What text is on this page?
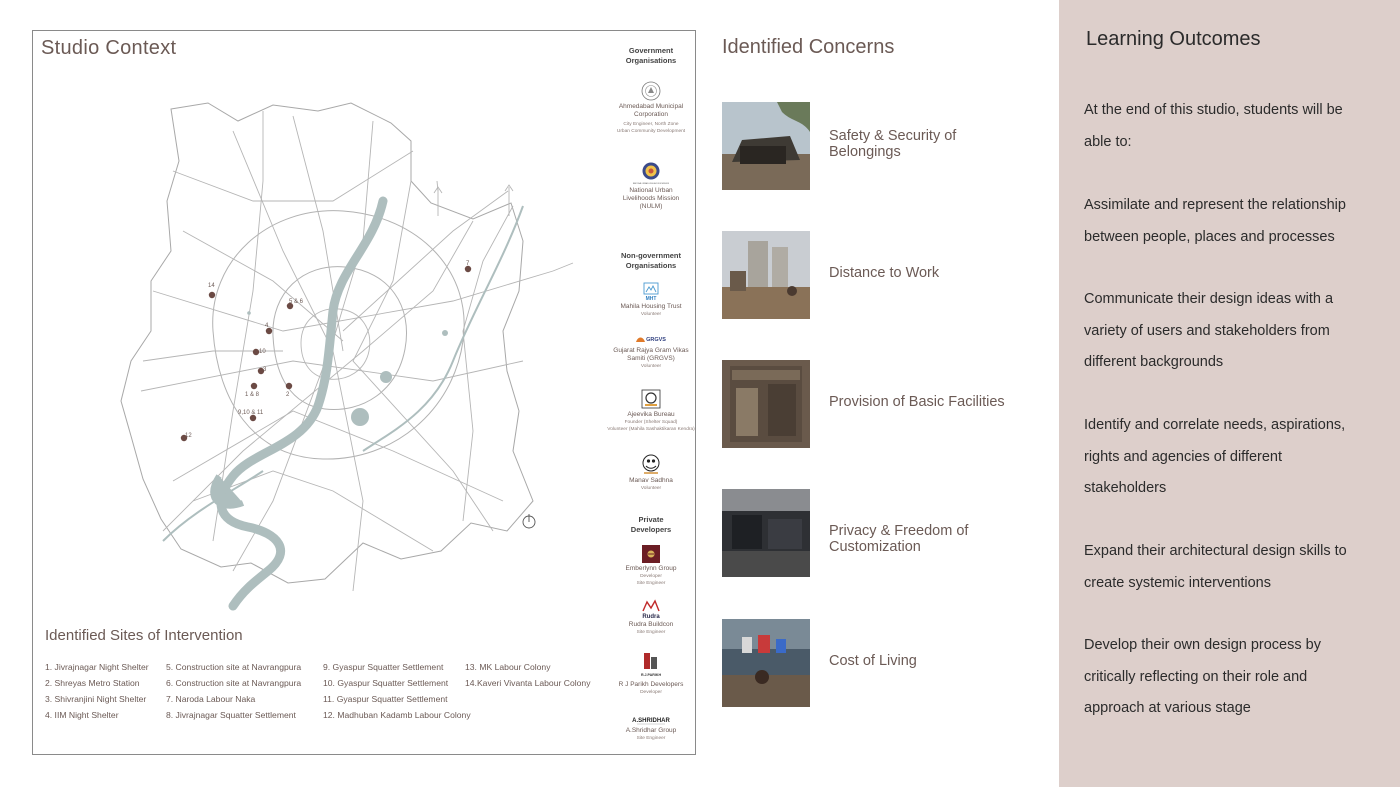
Studio Context
14
5 & 6
7
4
10
3
1 & 8	2
9,10 & 11
12
Identified Sites of Intervention
1. Jivrajnagar Night Shelter
2. Shreyas Metro Station
3. Shivranjini Night Shelter
4. IIM Night Shelter
5. Construction site at Navrangpura
6. Construction site at Navrangpura
7. Naroda Labour Naka
8. Jivrajnagar Squatter Settlement
9. Gyaspur Squatter Settlement
10. Gyaspur Squatter Settlement
11. Gyaspur Squatter Settlement
12. Madhuban Kadamb Labour Colony
13. MK Labour Colony
14.Kaveri Vivanta Labour Colony
Government
Organisations
Ahmedabad Municipal
Corporation
City Engineer, North Zone
Urban Community Development
NATIONAL URBAN LIVELIHOODS MISSION
National Urban
Livelihoods Mission
(NULM)
Non-government
Organisations
MHT
Mahila Housing Trust
Volunteer
GRGVS
Gujarat Rajya Gram Vikas
Samiti (GRGVS)
Volunteer
Ajeevika Bureau
Founder (Shelter Squad)
Volunteer (Mahila Sashaktikaran Kendra)
Manav Sadhna
Volunteer
Private
Developers
Emberlynn Group
Developer
Site Engineer
Rudra
Rudra Buildcon
Site Engineer
R.J.PARIKH
R J Parikh Developers
Developer
A.SHRIDHAR
A.Shridhar Group
Site Engineer
Identified Concerns
Safety & Security of
Belongings
Distance to Work
Provision of Basic Facilities
Privacy & Freedom of
Customization
Cost of Living
Learning Outcomes
At the end of this studio, students will be
able to:
Assimilate and represent the relationship
between people, places and processes
Communicate their design ideas with a
variety of users and stakeholders from
different backgrounds
Identify and correlate needs, aspirations,
rights and agencies of different
stakeholders
Expand their architectural design skills to
create systemic interventions
Develop their own design process by
critically reflecting on their role and
approach at various stage
